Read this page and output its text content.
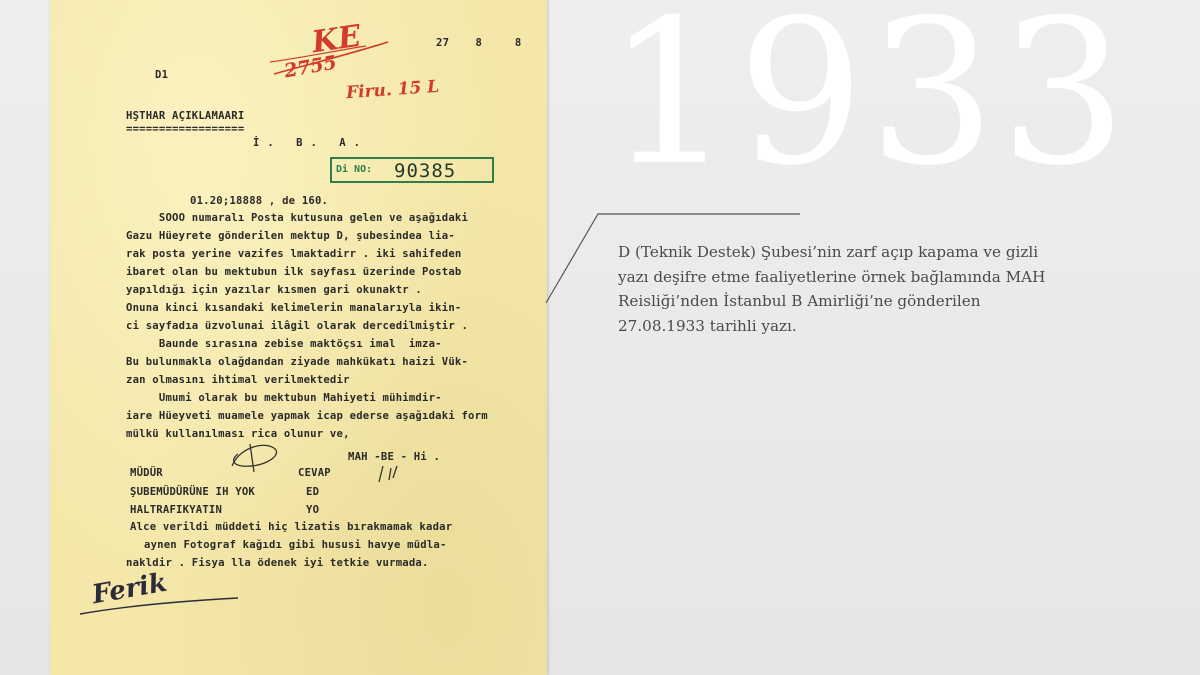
KE
2755
Firu. 15 L
27    8     8
D1
HŞTHAR AÇIKLAMAARI
==================
İ. B. A.
Di NO: 90385
01.20;18888 , de 160.
SOOO numaralı Posta kutusuna gelen ve aşağıdaki
Gazu Hüeyrete gönderilen mektup D, şubesindea lia-
rak posta yerine vazifes lmaktadirr . iki sahifeden
ibaret olan bu mektubun ilk sayfası üzerinde Postab
yapıldığı için yazılar kısmen gari okunaktr .
Onuna kinci kısandaki kelimelerin manalarıyla ikin-
ci sayfadıa üzvolunai ilâgil olarak dercedilmiştir .
Baunde sırasına zebise maktöçsı imal  imza-
Bu bulunmakla olağdandan ziyade mahkükatı haizi Vük-
zan olmasını ihtimal verilmektedir
Umumi olarak bu mektubun Mahiyeti mühimdir-
iare Hüeyveti muamele yapmak icap ederse aşağıdaki form
mülkü kullanılması rica olunur ve,
MAH -BE - Hi .
MÜDÜR
ŞUBEMÜDÜRÜNE IH YOK
HALTRAFIKYATIN
CEVAP
ED
YO
Alce verildi müddeti hiç lizatis bırakmamak kadar
aynen Fotograf kağıdı gibi hususi havye müdla-
nakldir . Fisya lla ödenek iyi tetkie vurmada.
Ferik
1933
D (Teknik Destek) Şubesi’nin zarf açıp kapama ve gizli yazı deşifre etme faaliyetlerine örnek bağlamında MAH Reisliği’nden İstanbul B Amirliği’ne gönderilen 27.08.1933 tarihli yazı.
